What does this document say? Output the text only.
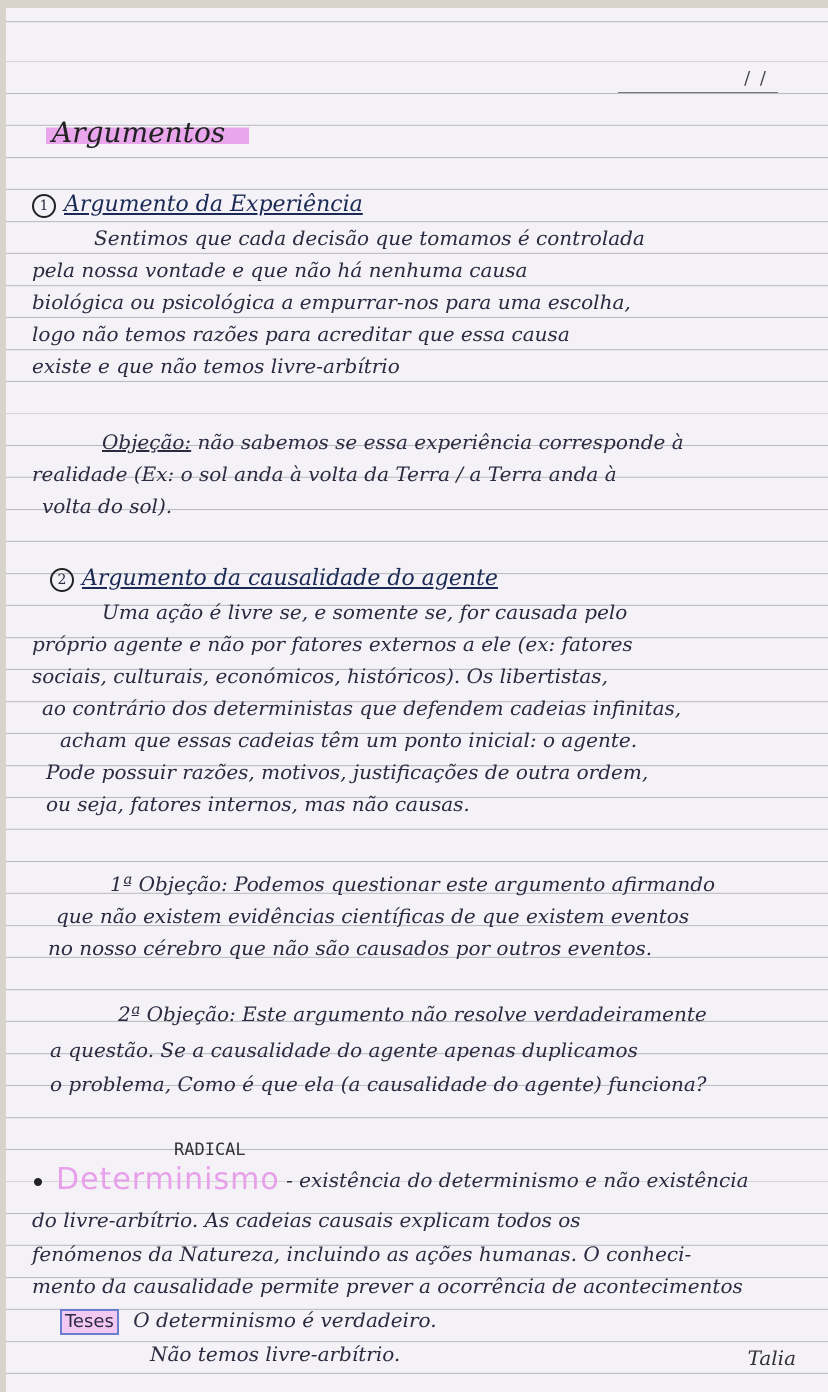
/ /
Argumentos
1 Argumento da Experiência
Sentimos que cada decisão que tomamos é controlada
pela nossa vontade e que não há nenhuma causa
biológica ou psicológica a empurrar-nos para uma escolha,
logo não temos razões para acreditar que essa causa
existe e que não temos livre-arbítrio
Objeção: não sabemos se essa experiência corresponde à
realidade (Ex: o sol anda à volta da Terra / a Terra anda à
volta do sol).
2 Argumento da causalidade do agente
Uma ação é livre se, e somente se, for causada pelo
próprio agente e não por fatores externos a ele (ex: fatores
sociais, culturais, económicos, históricos). Os libertistas,
ao contrário dos deterministas que defendem cadeias infinitas,
acham que essas cadeias têm um ponto inicial: o agente.
Pode possuir razões, motivos, justificações de outra ordem,
ou seja, fatores internos, mas não causas.
1ª Objeção: Podemos questionar este argumento afirmando
que não existem evidências científicas de que existem eventos
no nosso cérebro que não são causados por outros eventos.
2ª Objeção: Este argumento não resolve verdadeiramente
a questão. Se a causalidade do agente apenas duplicamos
o problema, Como é que ela (a causalidade do agente) funciona?
RADICAL
Determinismo - existência do determinismo e não existência
do livre-arbítrio. As cadeias causais explicam todos os
fenómenos da Natureza, incluindo as ações humanas. O conheci-
mento da causalidade permite prever a ocorrência de acontecimentos
Teses O determinismo é verdadeiro.
Não temos livre-arbítrio.	Talia
